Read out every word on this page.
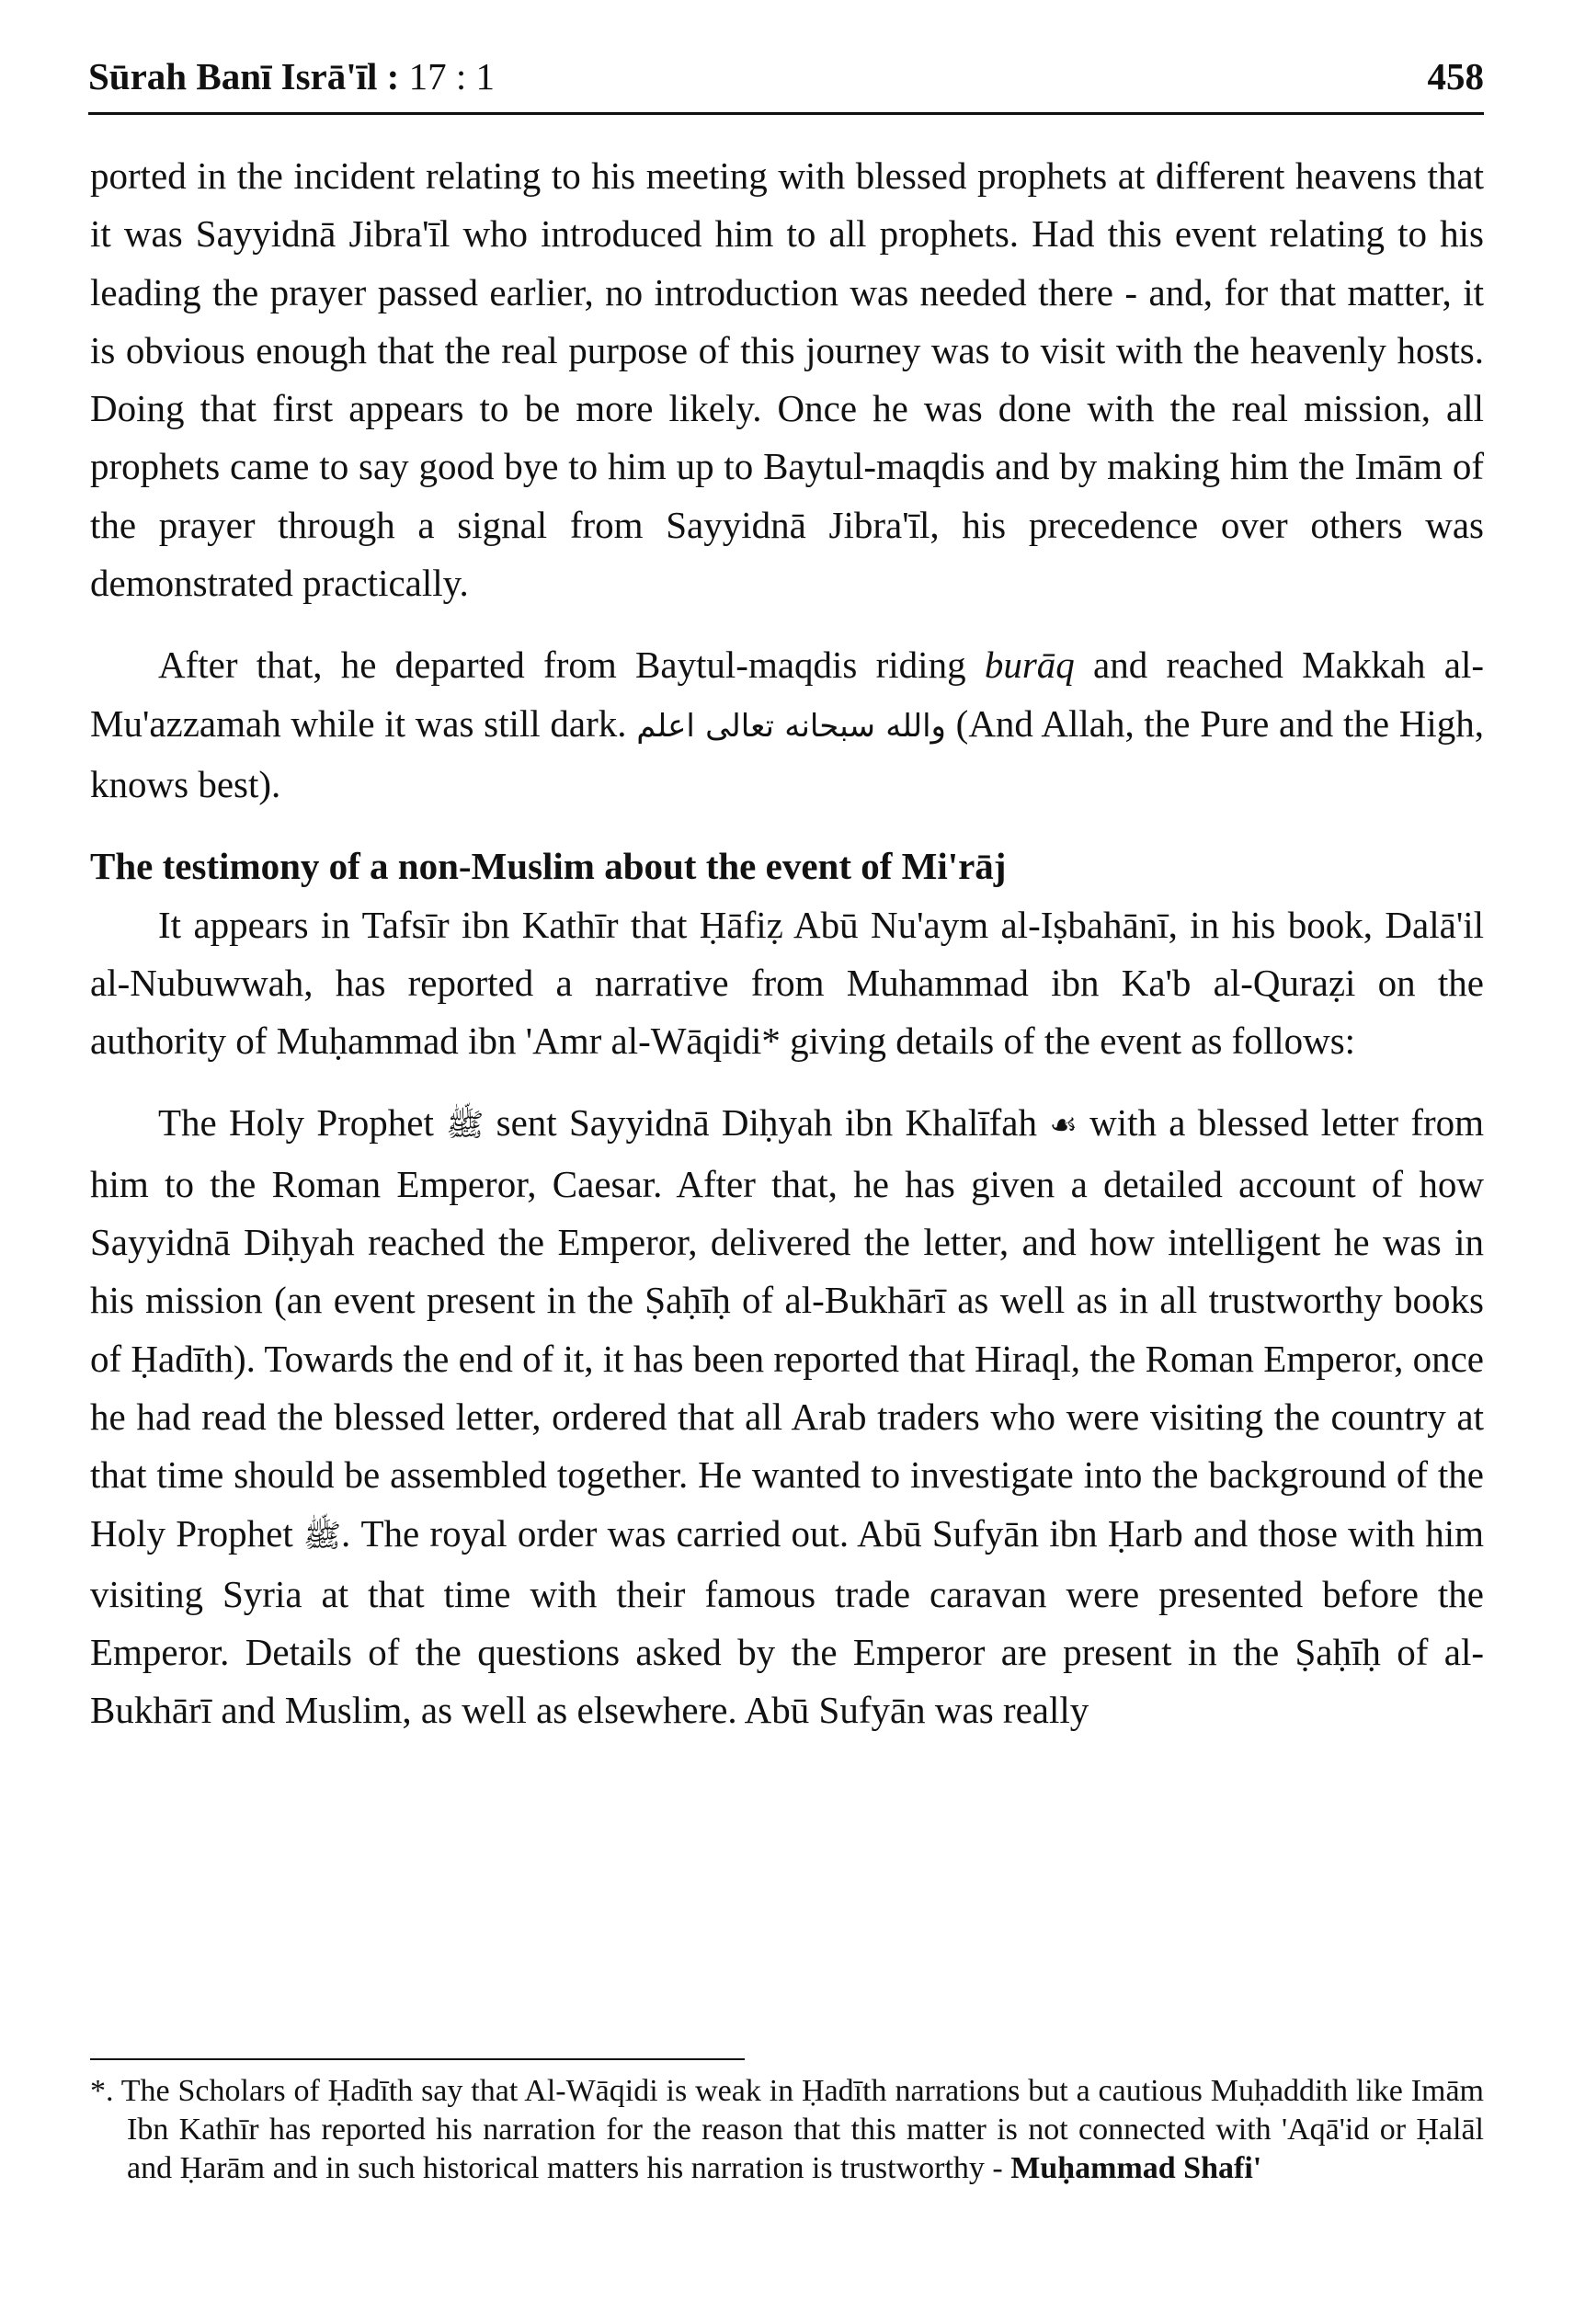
Sūrah Banī Isrā'īl : 17 : 1	458

ported in the incident relating to his meeting with blessed prophets at different heavens that it was Sayyidnā Jibra'īl who introduced him to all prophets. Had this event relating to his leading the prayer passed earlier, no introduction was needed there - and, for that matter, it is obvious enough that the real purpose of this journey was to visit with the heavenly hosts. Doing that first appears to be more likely. Once he was done with the real mission, all prophets came to say good bye to him up to Baytul-maqdis and by making him the Imām of the prayer through a signal from Sayyidnā Jibra'īl, his precedence over others was demonstrated practically.

After that, he departed from Baytul-maqdis riding burāq and reached Makkah al-Mu'azzamah while it was still dark. والله سبحانه تعالى اعلم (And Allah, the Pure and the High, knows best).

The testimony of a non-Muslim about the event of Mi'rāj

It appears in Tafsīr ibn Kathīr that Ḥāfiẓ Abū Nu'aym al-Iṣbahānī, in his book, Dalā'il al-Nubuwwah, has reported a narrative from Muhammad ibn Ka'b al-Quraẓi on the authority of Muḥammad ibn 'Amr al-Wāqidi* giving details of the event as follows:

The Holy Prophet ﷺ sent Sayyidnā Diḥyah ibn Khalīfah ☙ with a blessed letter from him to the Roman Emperor, Caesar. After that, he has given a detailed account of how Sayyidnā Diḥyah reached the Emperor, delivered the letter, and how intelligent he was in his mission (an event present in the Ṣaḥīḥ of al-Bukhārī as well as in all trustworthy books of Ḥadīth). Towards the end of it, it has been reported that Hiraql, the Roman Emperor, once he had read the blessed letter, ordered that all Arab traders who were visiting the country at that time should be assembled together. He wanted to investigate into the background of the Holy Prophet ﷺ. The royal order was carried out. Abū Sufyān ibn Ḥarb and those with him visiting Syria at that time with their famous trade caravan were presented before the Emperor. Details of the questions asked by the Emperor are present in the Ṣaḥīḥ of al-Bukhārī and Muslim, as well as elsewhere. Abū Sufyān was really

*. The Scholars of Ḥadīth say that Al-Wāqidi is weak in Ḥadīth narrations but a cautious Muḥaddith like Imām Ibn Kathīr has reported his narration for the reason that this matter is not connected with 'Aqā'id or Ḥalāl and Ḥarām and in such historical matters his narration is trustworthy - Muḥammad Shafi'
